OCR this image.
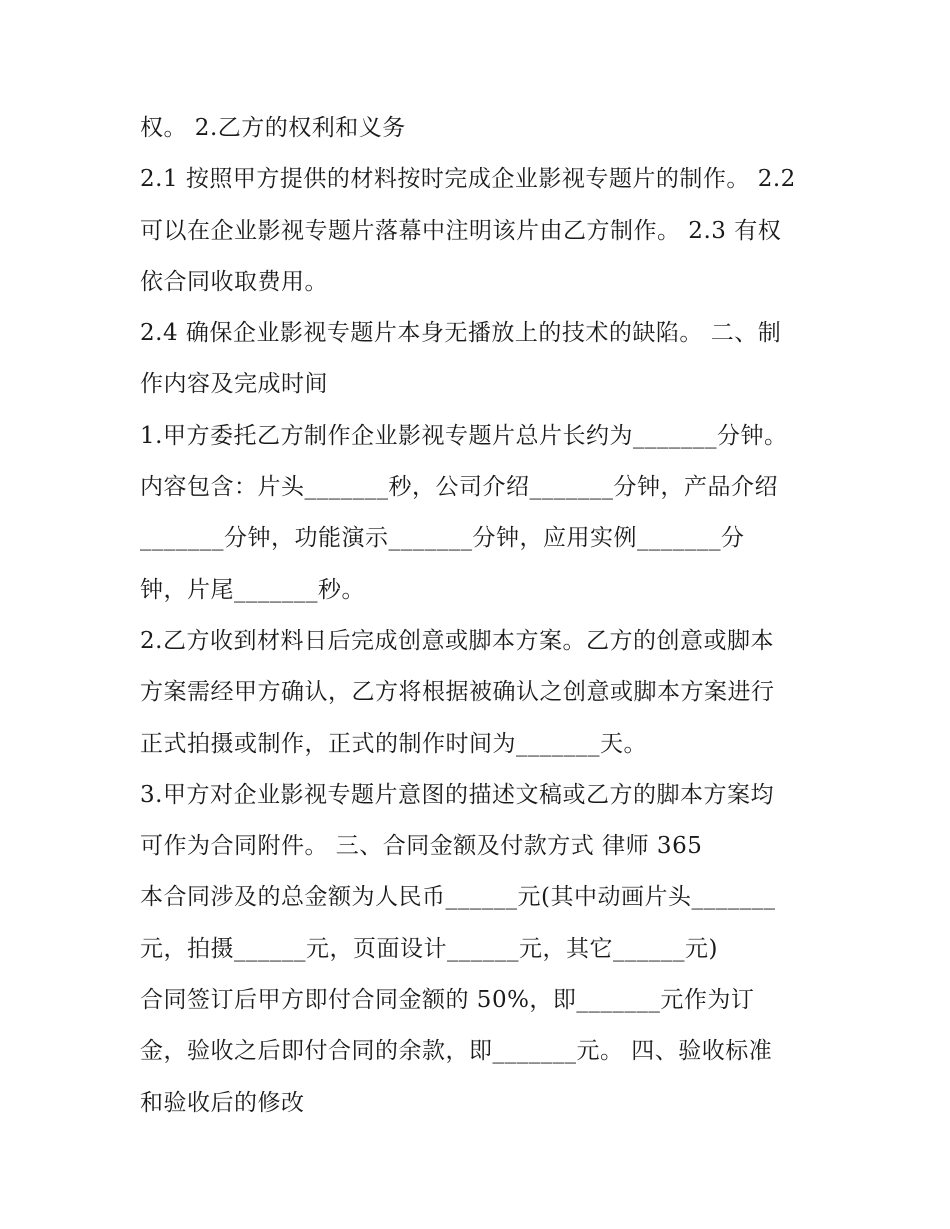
权。 2.乙方的权利和义务

2.1 按照甲方提供的材料按时完成企业影视专题片的制作。 2.2

可以在企业影视专题片落幕中注明该片由乙方制作。 2.3 有权

依合同收取费用。

2.4 确保企业影视专题片本身无播放上的技术的缺陷。 二、制

作内容及完成时间

1.甲方委托乙方制作企业影视专题片总片长约为_______分钟。

内容包含：片头_______秒，公司介绍_______分钟，产品介绍

_______分钟，功能演示_______分钟，应用实例_______分

钟，片尾_______秒。

2.乙方收到材料日后完成创意或脚本方案。乙方的创意或脚本

方案需经甲方确认，乙方将根据被确认之创意或脚本方案进行

正式拍摄或制作，正式的制作时间为_______天。

3.甲方对企业影视专题片意图的描述文稿或乙方的脚本方案均

可作为合同附件。 三、合同金额及付款方式 律师 365

本合同涉及的总金额为人民币______元(其中动画片头_______

元，拍摄______元，页面设计______元，其它______元)

合同签订后甲方即付合同金额的 50%，即_______元作为订

金，验收之后即付合同的余款，即_______元。 四、验收标准

和验收后的修改
